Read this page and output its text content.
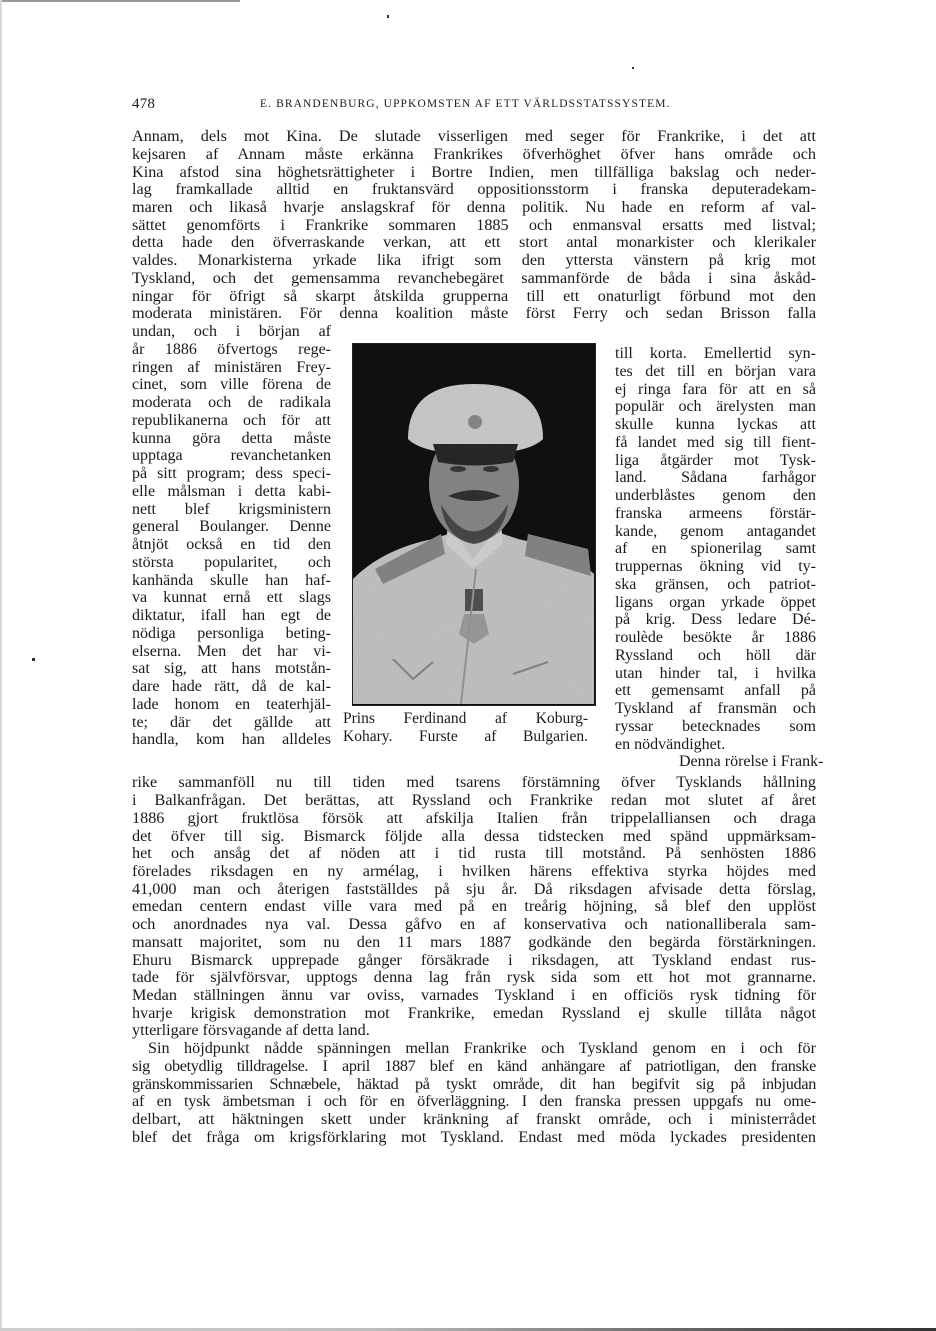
478	E. BRANDENBURG, UPPKOMSTEN AF ETT VÄRLDSSTATSSYSTEM.
Annam, dels mot Kina. De slutade visserligen med seger för Frankrike, i det att
kejsaren af Annam måste erkänna Frankrikes öfverhöghet öfver hans område och
Kina afstod sina höghetsrättigheter i Bortre Indien, men tillfälliga bakslag och neder-
lag framkallade alltid en fruktansvärd oppositionsstorm i franska deputeradekam-
maren och likaså hvarje anslagskraf för denna politik. Nu hade en reform af val-
sättet genomförts i Frankrike sommaren 1885 och enmansval ersatts med listval;
detta hade den öfverraskande verkan, att ett stort antal monarkister och klerikaler
valdes. Monarkisterna yrkade lika ifrigt som den yttersta vänstern på krig mot
Tyskland, och det gemensamma revanchebegäret sammanförde de båda i sina åskåd-
ningar för öfrigt så skarpt åtskilda grupperna till ett onaturligt förbund mot den
moderata ministären. För denna koalition måste först Ferry och sedan Brisson falla
undan, och i början af
år 1886 öfvertogs rege-
ringen af ministären Frey-
cinet, som ville förena de
moderata och de radikala
republikanerna och för att
kunna göra detta måste
upptaga revanchetanken
på sitt program; dess speci-
elle målsman i detta kabi-
nett blef krigsministern
general Boulanger. Denne
åtnjöt också en tid den
största popularitet, och
kanhända skulle han haf-
va kunnat ernå ett slags
diktatur, ifall han egt de
nödiga personliga beting-
elserna. Men det har vi-
sat sig, att hans motstån-
dare hade rätt, då de kal-
lade honom en teaterhjäl-
te; där det gällde att
handla, kom han alldeles
Prins Ferdinand af Koburg-
Kohary. Furste af Bulgarien.
till korta. Emellertid syn-
tes det till en början vara
ej ringa fara för att en så
populär och ärelysten man
skulle kunna lyckas att
få landet med sig till fient-
liga åtgärder mot Tysk-
land. Sådana farhågor
underblåstes genom den
franska armeens förstär-
kande, genom antagandet
af en spionerilag samt
truppernas ökning vid ty-
ska gränsen, och patriot-
ligans organ yrkade öppet
på krig. Dess ledare Dé-
roulède besökte år 1886
Ryssland och höll där
utan hinder tal, i hvilka
ett gemensamt anfall på
Tyskland af fransmän och
ryssar betecknades som
en nödvändighet.
Denna rörelse i Frank-
rike sammanföll nu till tiden med tsarens förstämning öfver Tysklands hållning
i Balkanfrågan. Det berättas, att Ryssland och Frankrike redan mot slutet af året
1886 gjort fruktlösa försök att afskilja Italien från trippelalliansen och draga
det öfver till sig. Bismarck följde alla dessa tidstecken med spänd uppmärksam-
het och ansåg det af nöden att i tid rusta till motstånd. På senhösten 1886
förelades riksdagen en ny armélag, i hvilken härens effektiva styrka höjdes med
41,000 man och återigen fastställdes på sju år. Då riksdagen afvisade detta förslag,
emedan centern endast ville vara med på en treårig höjning, så blef den upplöst
och anordnades nya val. Dessa gåfvo en af konservativa och nationalliberala sam-
mansatt majoritet, som nu den 11 mars 1887 godkände den begärda förstärkningen.
Ehuru Bismarck upprepade gånger försäkrade i riksdagen, att Tyskland endast rus-
tade för självförsvar, upptogs denna lag från rysk sida som ett hot mot grannarne.
Medan ställningen ännu var oviss, varnades Tyskland i en officiös rysk tidning för
hvarje krigisk demonstration mot Frankrike, emedan Ryssland ej skulle tillåta något
ytterligare försvagande af detta land.
Sin höjdpunkt nådde spänningen mellan Frankrike och Tyskland genom en i och för
sig obetydlig tilldragelse. I april 1887 blef en känd anhängare af patriotligan, den franske
gränskommissarien Schnæbele, häktad på tyskt område, dit han begifvit sig på inbjudan
af en tysk ämbetsman i och för en öfverläggning. I den franska pressen uppgafs nu ome-
delbart, att häktningen skett under kränkning af franskt område, och i ministerrådet
blef det fråga om krigsförklaring mot Tyskland. Endast med möda lyckades presidenten
